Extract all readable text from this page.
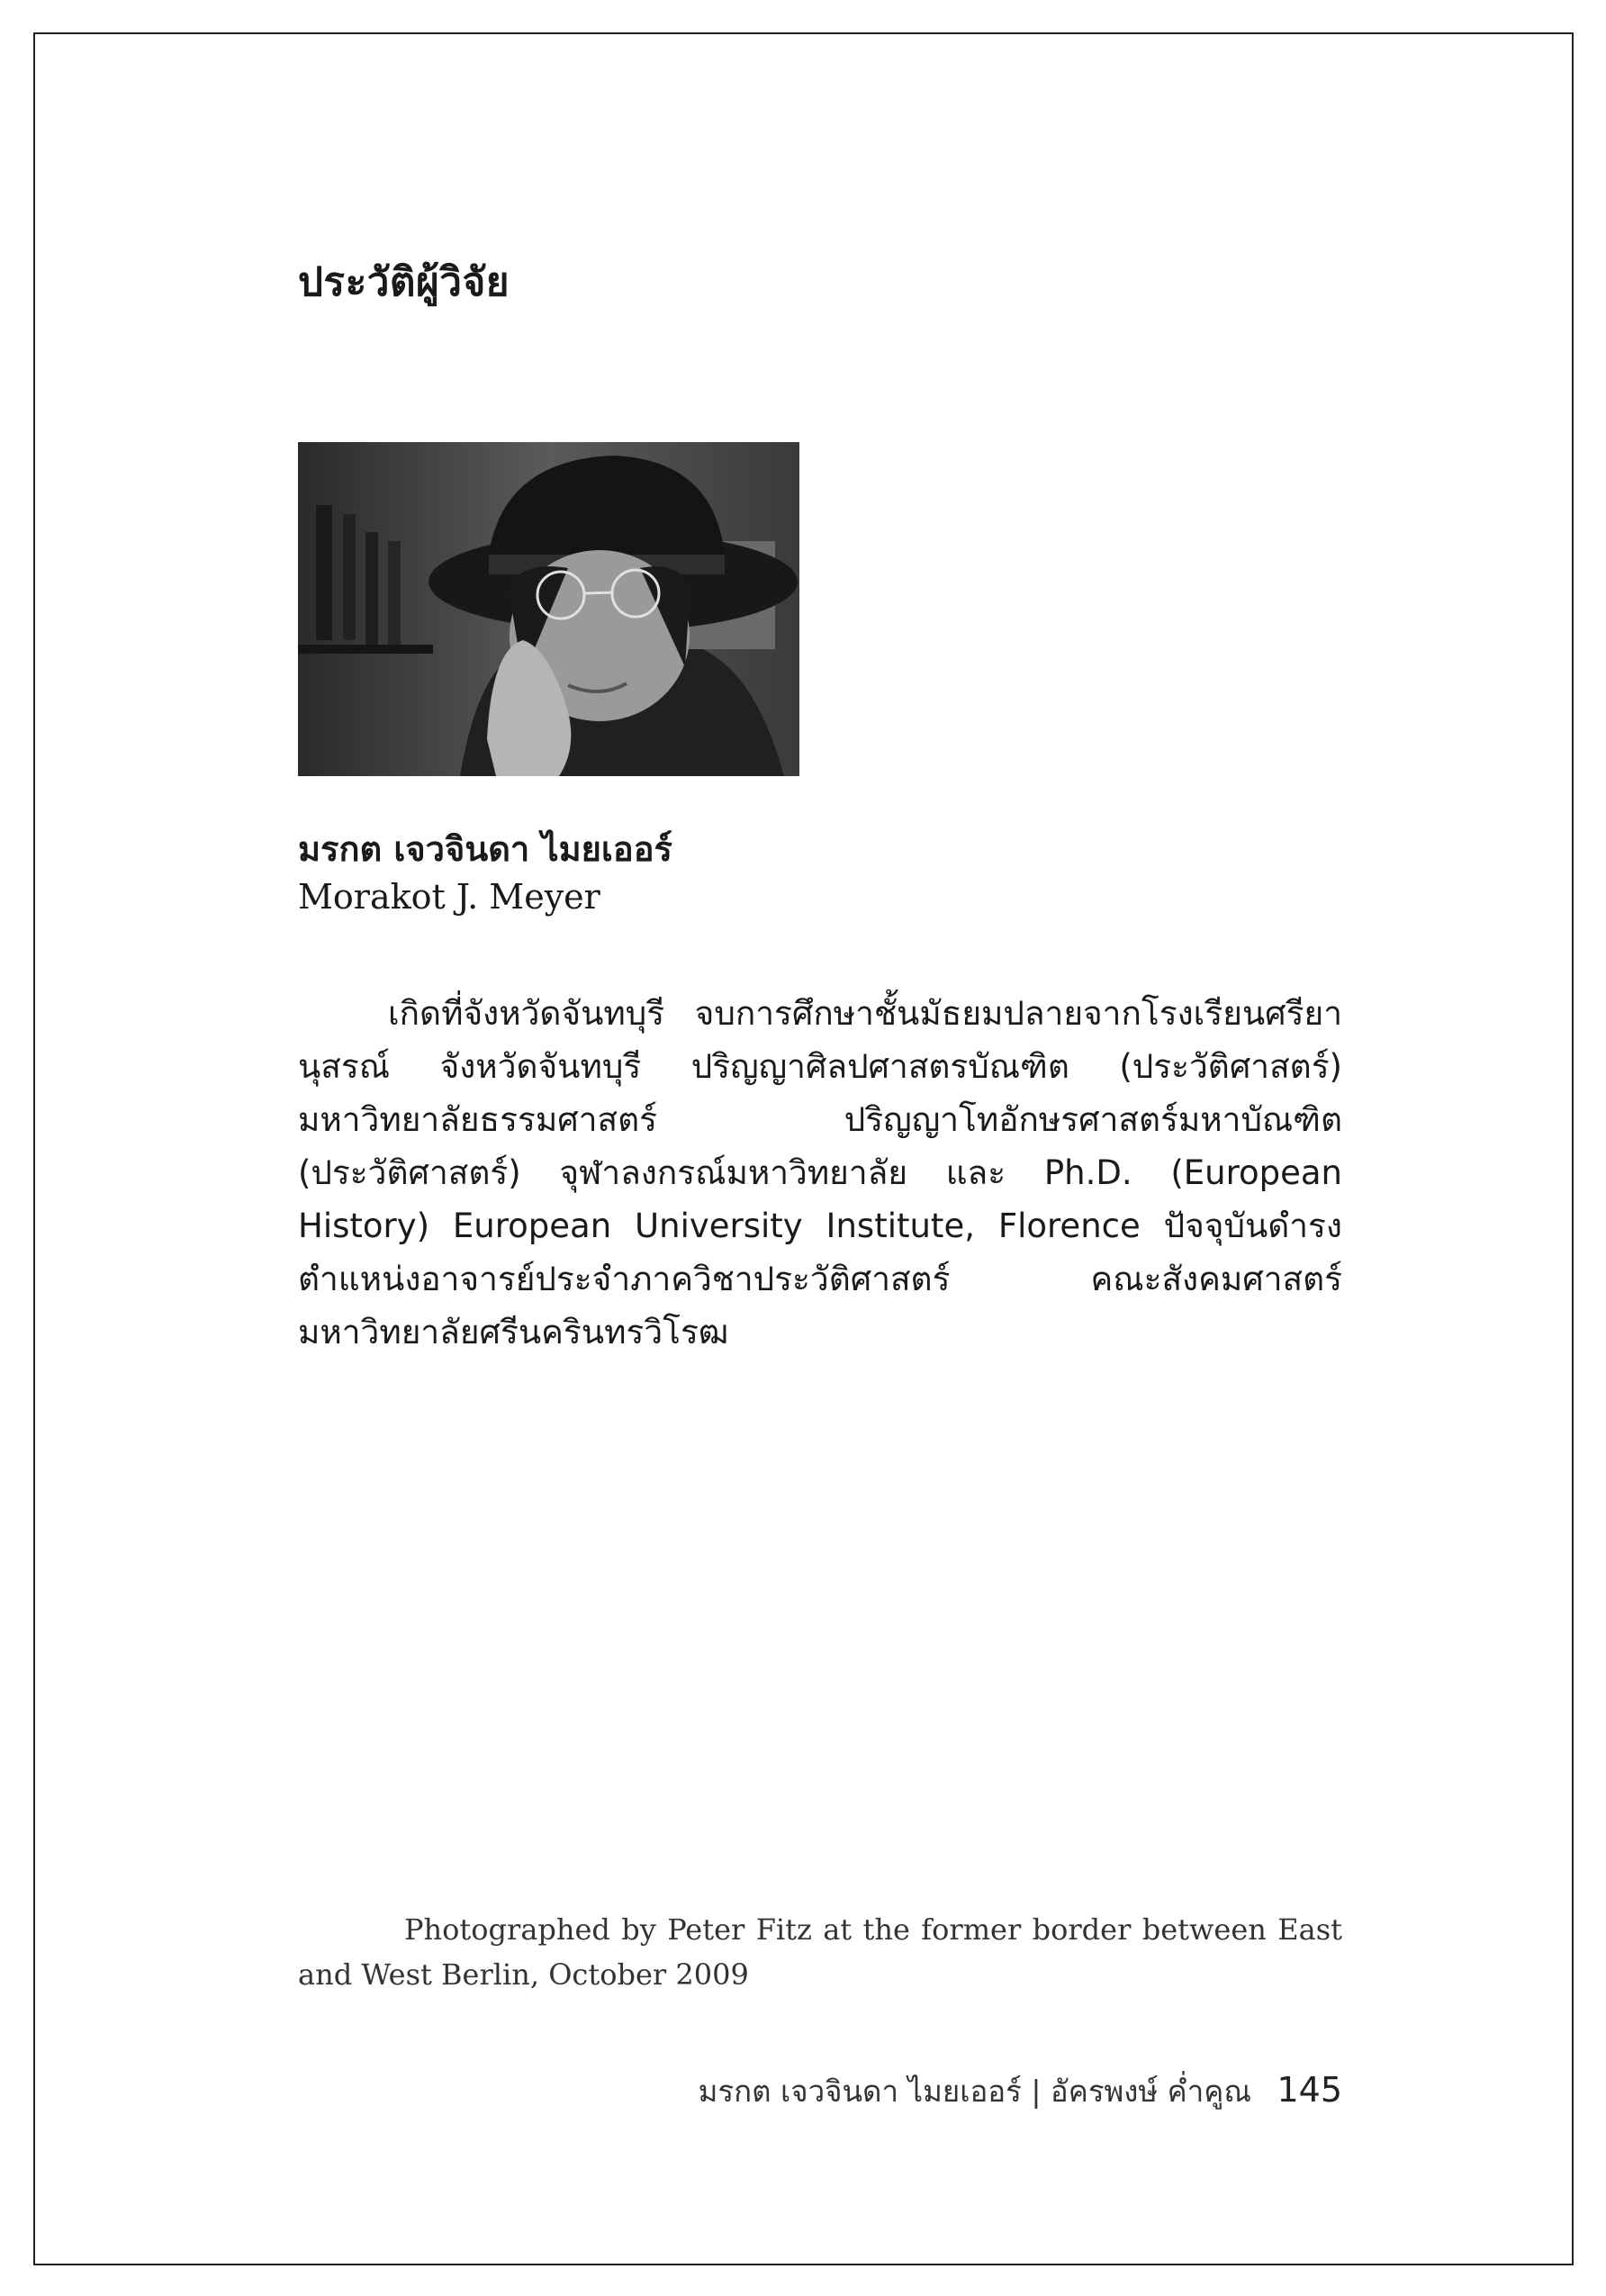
ประวัติผู้วิจัย

มรกต เจวจินดา ไมยเออร์

Morakot J. Meyer

เกิดที่จังหวัดจันทบุรี จบการศึกษาชั้นมัธยมปลายจากโรงเรียนศรียานุสรณ์ จังหวัดจันทบุรี ปริญญาศิลปศาสตรบัณฑิต (ประวัติศาสตร์) มหาวิทยาลัยธรรมศาสตร์ ปริญญาโทอักษรศาสตร์มหาบัณฑิต (ประวัติศาสตร์) จุฬาลงกรณ์มหาวิทยาลัย และ Ph.D. (European History) European University Institute, Florence ปัจจุบันดำรงตำแหน่งอาจารย์ประจำภาควิชาประวัติศาสตร์ คณะสังคมศาสตร์ มหาวิทยาลัยศรีนครินทรวิโรฒ

Photographed by Peter Fitz at the former border between East and West Berlin, October 2009

มรกต เจวจินดา ไมยเออร์ | อัครพงษ์ ค่ำคูณ 145
